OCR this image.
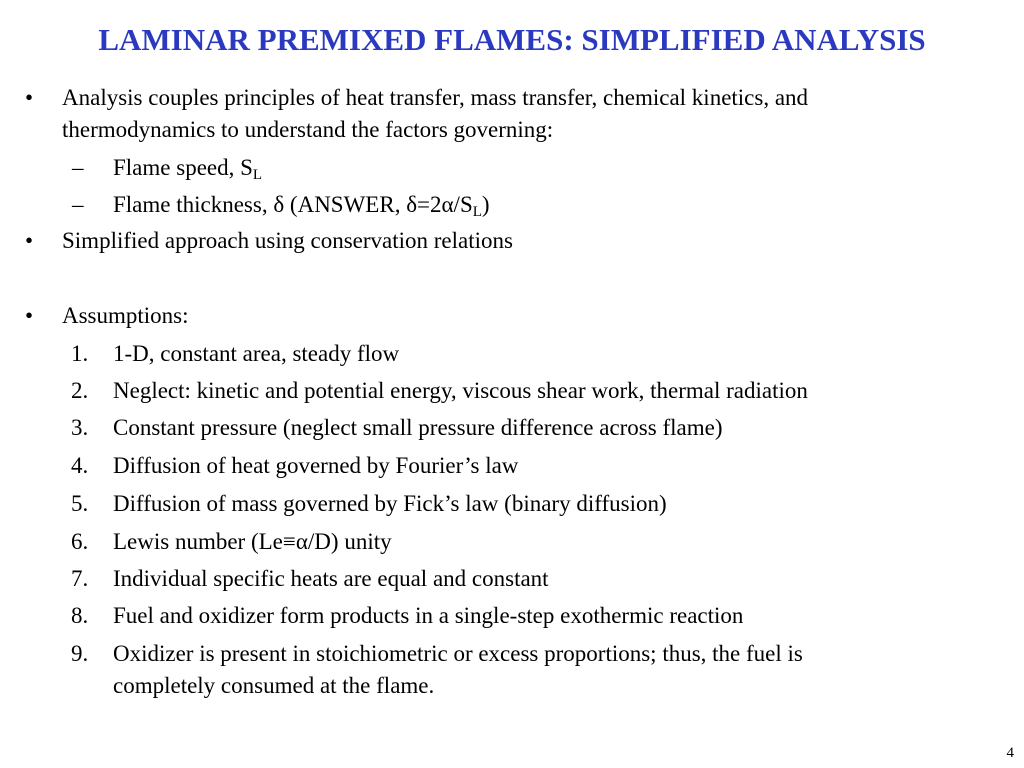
LAMINAR PREMIXED FLAMES: SIMPLIFIED ANALYSIS
• Analysis couples principles of heat transfer, mass transfer, chemical kinetics, and
thermodynamics to understand the factors governing:
– Flame speed, $S_L$
– Flame thickness, δ (ANSWER, $\delta=2\alpha/S_L$)
• Simplified approach using conservation relations
• Assumptions:
1. 1-D, constant area, steady flow
2. Neglect: kinetic and potential energy, viscous shear work, thermal radiation
3. Constant pressure (neglect small pressure difference across flame)
4. Diffusion of heat governed by Fourier’s law
5. Diffusion of mass governed by Fick’s law (binary diffusion)
6. Lewis number (Le≡α/D) unity
7. Individual specific heats are equal and constant
8. Fuel and oxidizer form products in a single-step exothermic reaction
9. Oxidizer is present in stoichiometric or excess proportions; thus, the fuel is
completely consumed at the flame.
4
